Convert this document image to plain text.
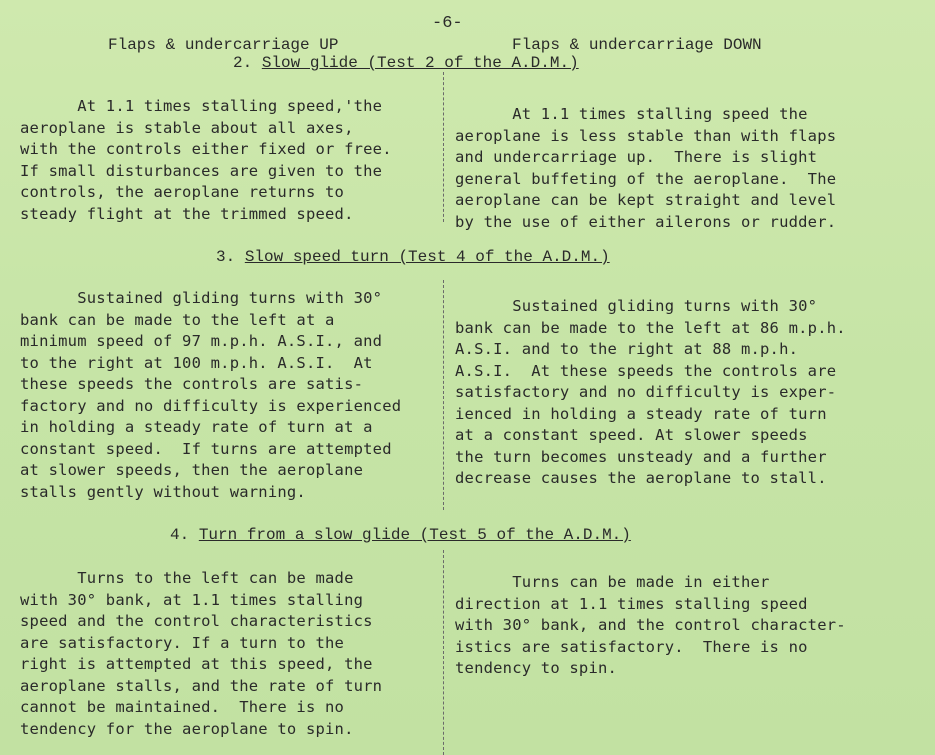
-6-
Flaps & undercarriage UP	Flaps & undercarriage DOWN
2. Slow glide (Test 2 of the A.D.M.)
At 1.1 times stalling speed,'the
aeroplane is stable about all axes,
with the controls either fixed or free.
If small disturbances are given to the
controls, the aeroplane returns to
steady flight at the trimmed speed.
At 1.1 times stalling speed the
aeroplane is less stable than with flaps
and undercarriage up.  There is slight
general buffeting of the aeroplane.  The
aeroplane can be kept straight and level
by the use of either ailerons or rudder.
3. Slow speed turn (Test 4 of the A.D.M.)
Sustained gliding turns with 30°
bank can be made to the left at a
minimum speed of 97 m.p.h. A.S.I., and
to the right at 100 m.p.h. A.S.I.  At
these speeds the controls are satis-
factory and no difficulty is experienced
in holding a steady rate of turn at a
constant speed.  If turns are attempted
at slower speeds, then the aeroplane
stalls gently without warning.
Sustained gliding turns with 30°
bank can be made to the left at 86 m.p.h.
A.S.I. and to the right at 88 m.p.h.
A.S.I.  At these speeds the controls are
satisfactory and no difficulty is exper-
ienced in holding a steady rate of turn
at a constant speed. At slower speeds
the turn becomes unsteady and a further
decrease causes the aeroplane to stall.
4. Turn from a slow glide (Test 5 of the A.D.M.)
Turns to the left can be made
with 30° bank, at 1.1 times stalling
speed and the control characteristics
are satisfactory. If a turn to the
right is attempted at this speed, the
aeroplane stalls, and the rate of turn
cannot be maintained.  There is no
tendency for the aeroplane to spin.
Turns can be made in either
direction at 1.1 times stalling speed
with 30° bank, and the control character-
istics are satisfactory.  There is no
tendency to spin.
